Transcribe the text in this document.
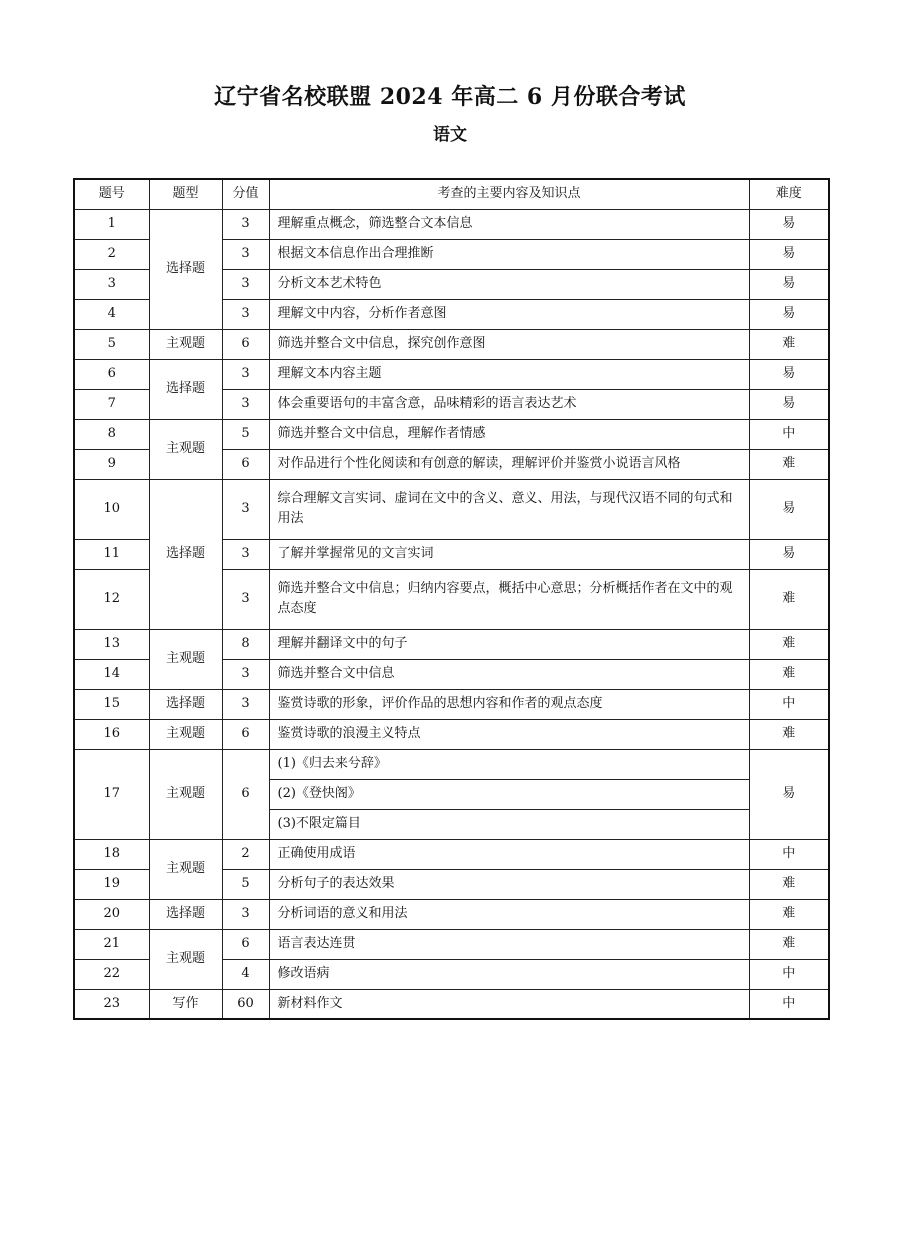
辽宁省名校联盟 2024 年高二 6 月份联合考试
语文
题号	题型	分值	考查的主要内容及知识点	难度
1	选择题	3	理解重点概念，筛选整合文本信息	易
2		3	根据文本信息作出合理推断	易
3		3	分析文本艺术特色	易
4		3	理解文中内容，分析作者意图	易
5	主观题	6	筛选并整合文中信息，探究创作意图	难
6	选择题	3	理解文本内容主题	易
7		3	体会重要语句的丰富含意，品味精彩的语言表达艺术	易
8	主观题	5	筛选并整合文中信息，理解作者情感	中
9		6	对作品进行个性化阅读和有创意的解读，理解评价并鉴赏小说语言风格	难
10	选择题	3	综合理解文言实词、虚词在文中的含义、意义、用法，与现代汉语不同的句式和用法	易
11		3	了解并掌握常见的文言实词	易
12		3	筛选并整合文中信息；归纳内容要点，概括中心意思；分析概括作者在文中的观点态度	难
13	主观题	8	理解并翻译文中的句子	难
14		3	筛选并整合文中信息	难
15	选择题	3	鉴赏诗歌的形象，评价作品的思想内容和作者的观点态度	中
16	主观题	6	鉴赏诗歌的浪漫主义特点	难
17	主观题	6	(1)《归去来兮辞》	易
			(2)《登快阁》	
			(3)不限定篇目	
18	主观题	2	正确使用成语	中
19		5	分析句子的表达效果	难
20	选择题	3	分析词语的意义和用法	难
21	主观题	6	语言表达连贯	难
22		4	修改语病	中
23	写作	60	新材料作文	中
